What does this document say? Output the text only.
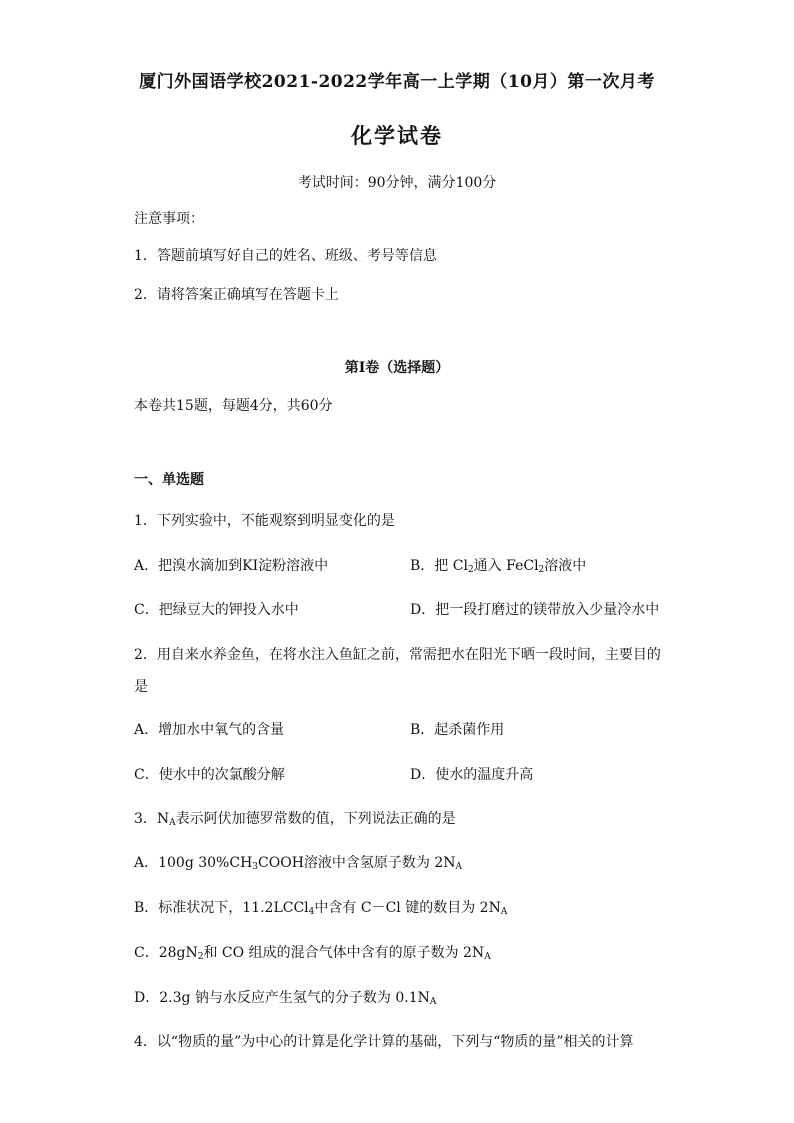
厦门外国语学校2021-2022学年高一上学期（10月）第一次月考
化学试卷
考试时间：90分钟，满分100分
注意事项：
1．答题前填写好自己的姓名、班级、考号等信息
2．请将答案正确填写在答题卡上
第I卷（选择题）
本卷共15题，每题4分，共60分
一、单选题
1．下列实验中，不能观察到明显变化的是
A．把溴水滴加到KI淀粉溶液中	B．把 $Cl_2$通入 FeCl$_2$溶液中
C．把绿豆大的钾投入水中	D．把一段打磨过的镁带放入少量冷水中
2．用自来水养金鱼，在将水注入鱼缸之前，常需把水在阳光下晒一段时间，主要目的
是
A．增加水中氧气的含量	B．起杀菌作用
C．使水中的次氯酸分解	D．使水的温度升高
3．$N_A$表示阿伏加德罗常数的值，下列说法正确的是
A．100g $30\%CH_3COOH$溶液中含氢原子数为 $2N_A$
B．标准状况下，11.2LCCl$_4$中含有 C－Cl 键的数目为 $2N_A$
C．$28gN_2$和 CO 组成的混合气体中含有的原子数为 $2N_A$
D．2.3g 钠与水反应产生氢气的分子数为 $0.1N_A$
4．以“物质的量”为中心的计算是化学计算的基础，下列与“物质的量”相关的计算
